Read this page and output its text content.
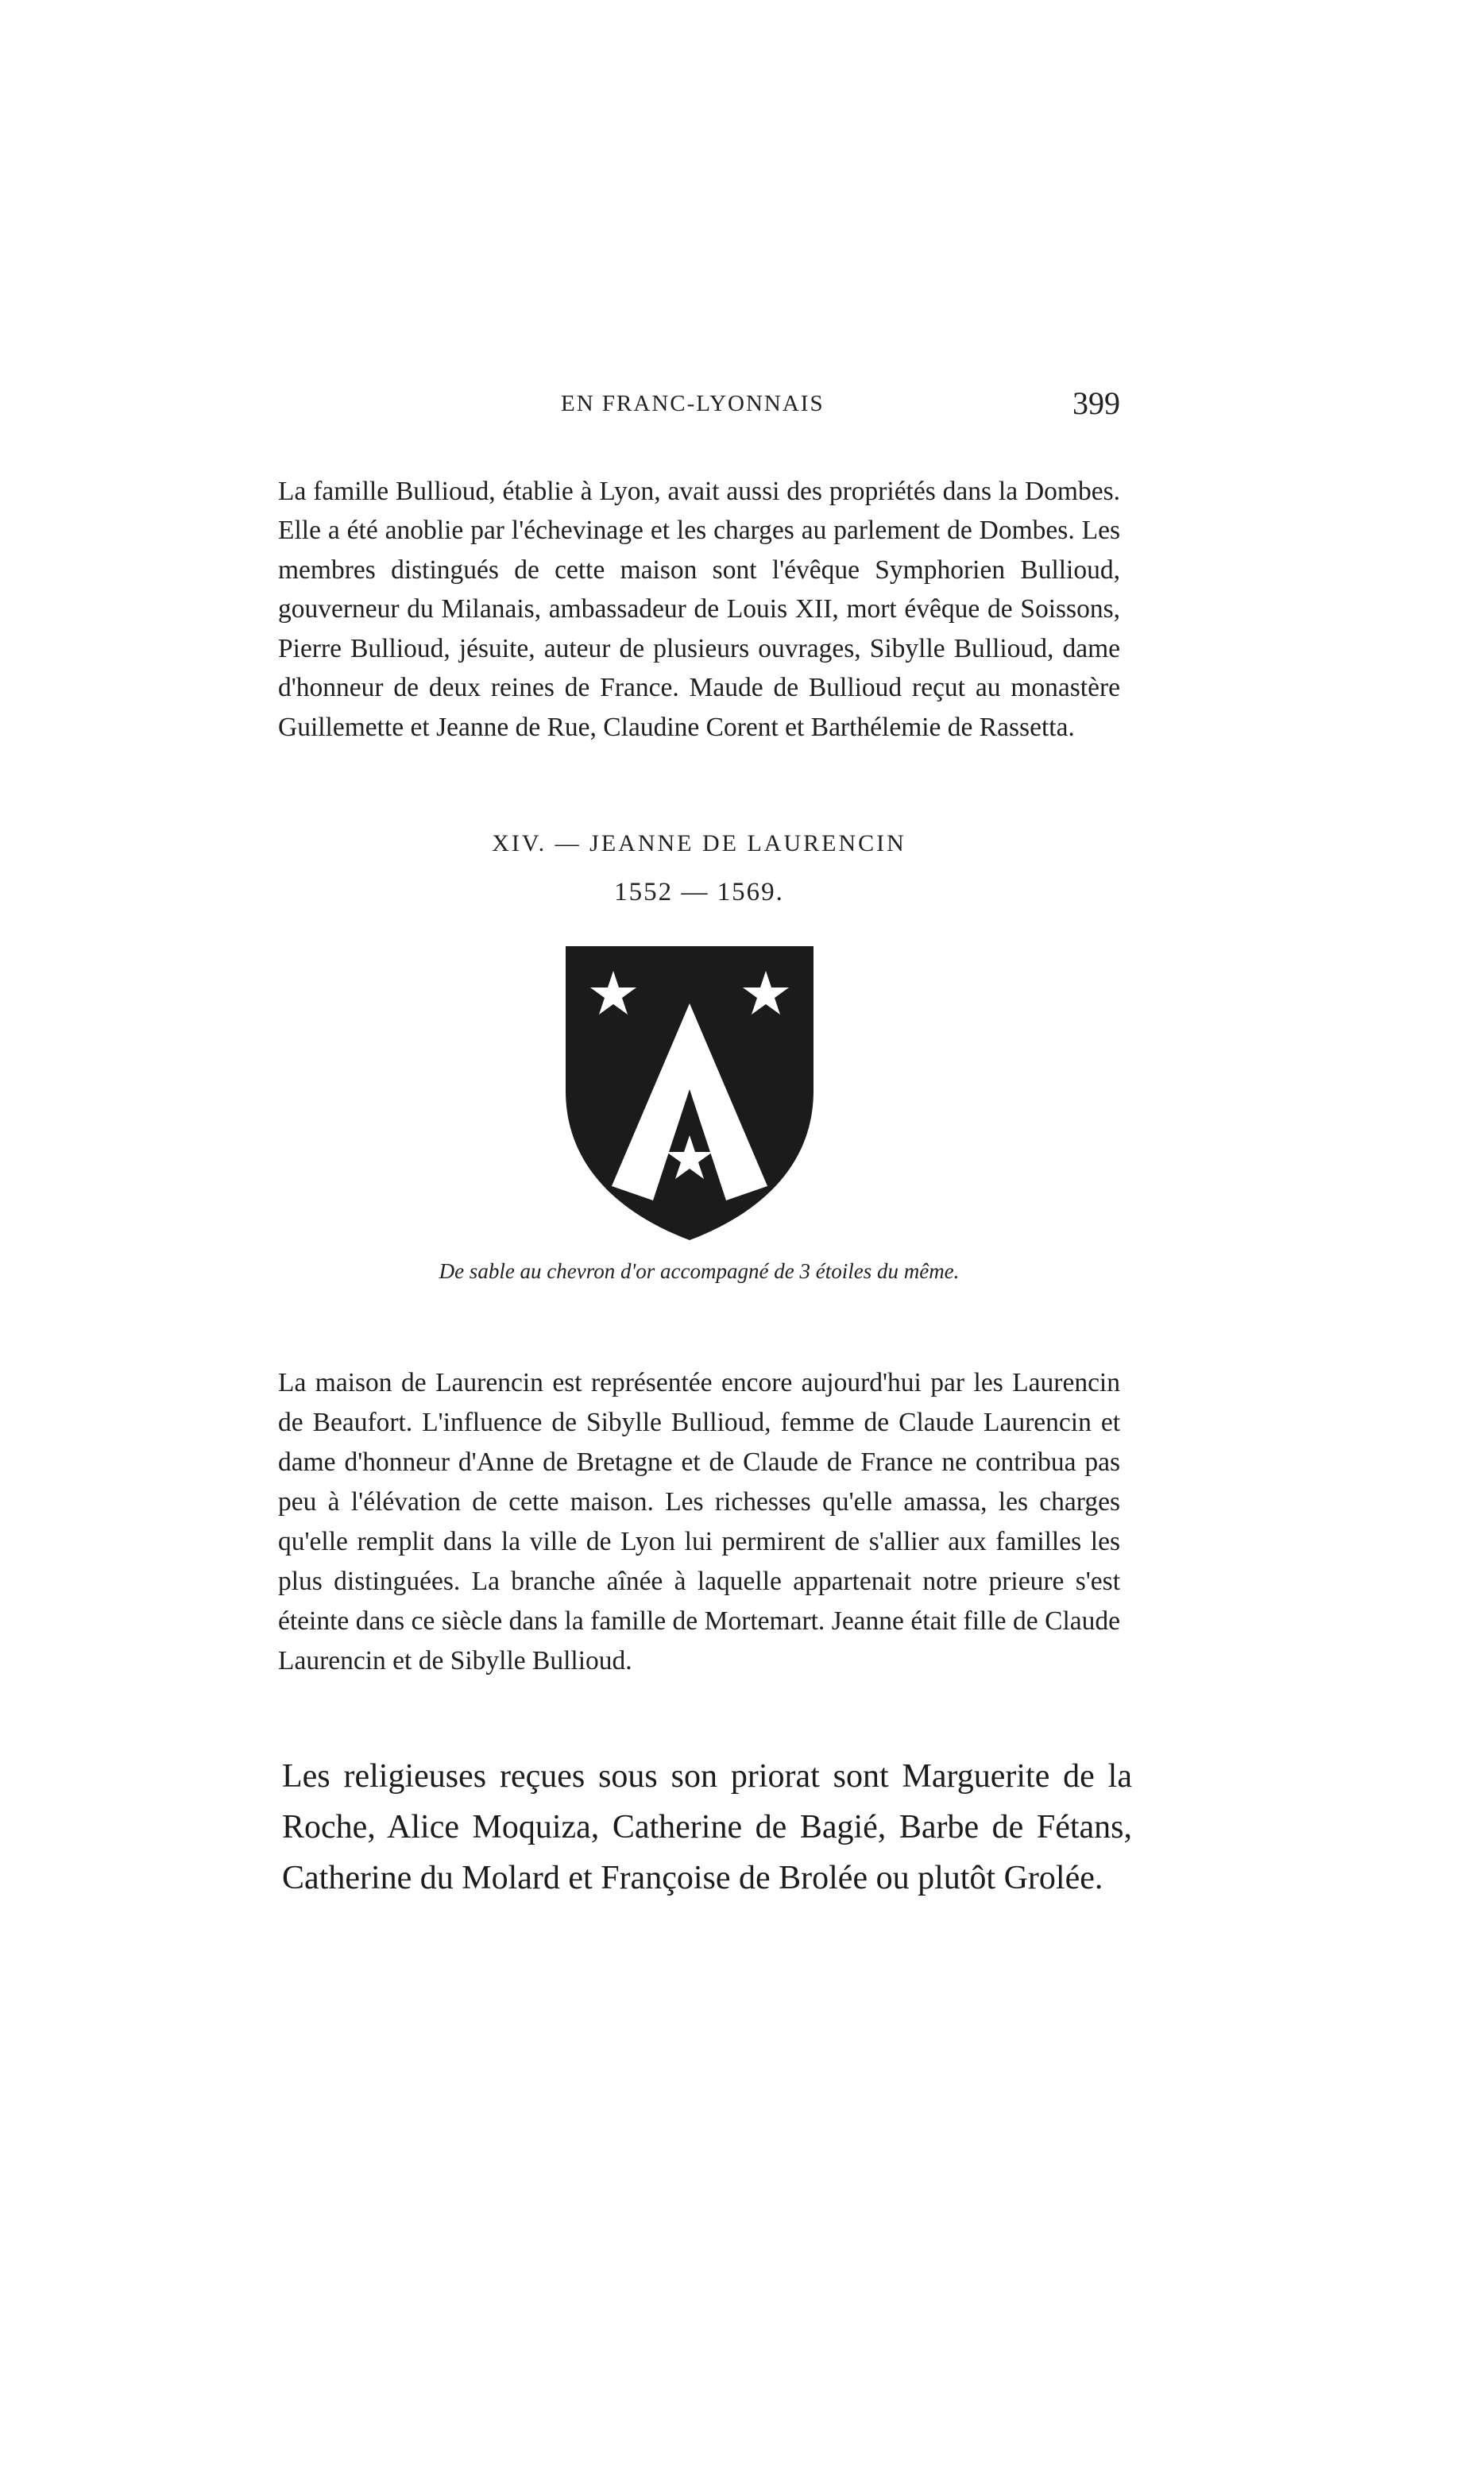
EN FRANC-LYONNAIS	399

La famille Bullioud, établie à Lyon, avait aussi des propriétés dans la Dombes. Elle a été anoblie par l'échevinage et les charges au parlement de Dombes. Les membres distingués de cette maison sont l'évêque Symphorien Bullioud, gouverneur du Milanais, ambassadeur de Louis XII, mort évêque de Soissons, Pierre Bullioud, jésuite, auteur de plusieurs ouvrages, Sibylle Bullioud, dame d'honneur de deux reines de France. Maude de Bullioud reçut au monastère Guillemette et Jeanne de Rue, Claudine Corent et Barthélemie de Rassetta.

XIV. — JEANNE DE LAURENCIN
1552 — 1569.
De sable au chevron d'or accompagné de 3 étoiles du même.

La maison de Laurencin est représentée encore aujourd'hui par les Laurencin de Beaufort. L'influence de Sibylle Bullioud, femme de Claude Laurencin et dame d'honneur d'Anne de Bretagne et de Claude de France ne contribua pas peu à l'élévation de cette maison. Les richesses qu'elle amassa, les charges qu'elle remplit dans la ville de Lyon lui permirent de s'allier aux familles les plus distinguées. La branche aînée à laquelle appartenait notre prieure s'est éteinte dans ce siècle dans la famille de Mortemart. Jeanne était fille de Claude Laurencin et de Sibylle Bullioud.

Les religieuses reçues sous son priorat sont Marguerite de la Roche, Alice Moquiza, Catherine de Bagié, Barbe de Fétans, Catherine du Molard et Françoise de Brolée ou plutôt Grolée.
